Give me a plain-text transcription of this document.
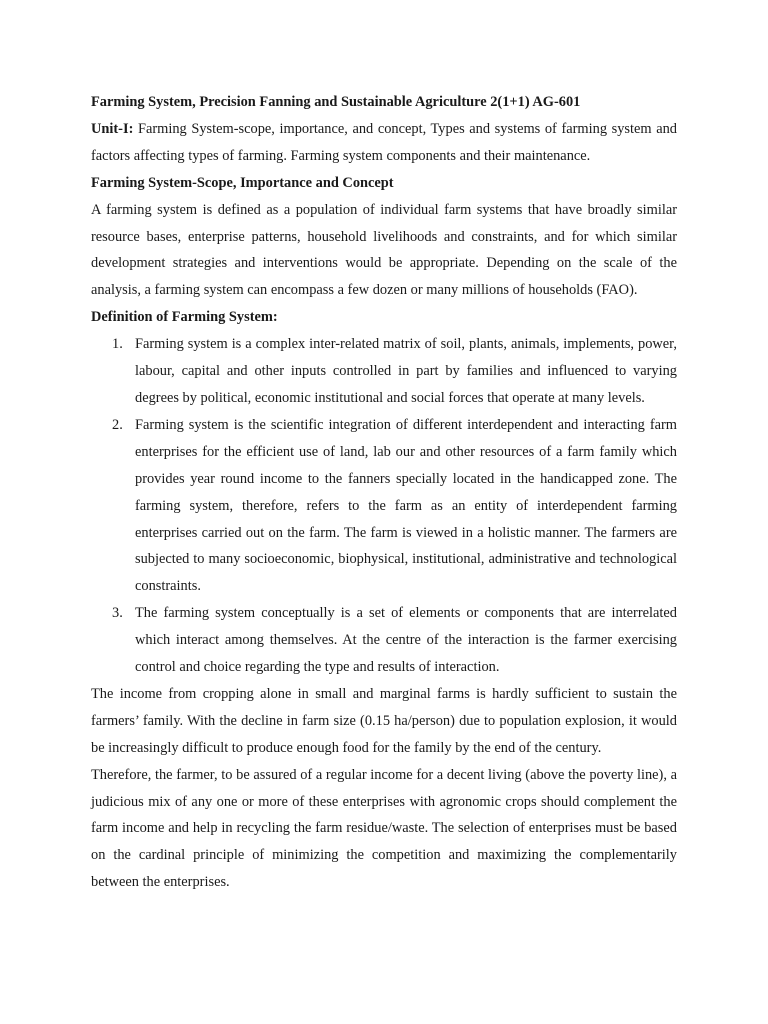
Farming System, Precision Fanning and Sustainable Agriculture 2(1+1) AG-601

Unit-I: Farming System-scope, importance, and concept, Types and systems of farming system and factors affecting types of farming. Farming system components and their maintenance.

Farming System-Scope, Importance and Concept

A farming system is defined as a population of individual farm systems that have broadly similar resource bases, enterprise patterns, household livelihoods and constraints, and for which similar development strategies and interventions would be appropriate. Depending on the scale of the analysis, a farming system can encompass a few dozen or many millions of households (FAO).

Definition of Farming System:

1. Farming system is a complex inter-related matrix of soil, plants, animals, implements, power, labour, capital and other inputs controlled in part by families and influenced to varying degrees by political, economic institutional and social forces that operate at many levels.
2. Farming system is the scientific integration of different interdependent and interacting farm enterprises for the efficient use of land, lab our and other resources of a farm family which provides year round income to the fanners specially located in the handicapped zone. The farming system, therefore, refers to the farm as an entity of interdependent farming enterprises carried out on the farm. The farm is viewed in a holistic manner. The farmers are subjected to many socioeconomic, biophysical, institutional, administrative and technological constraints.
3. The farming system conceptually is a set of elements or components that are interrelated which interact among themselves. At the centre of the interaction is the farmer exercising control and choice regarding the type and results of interaction.

The income from cropping alone in small and marginal farms is hardly sufficient to sustain the farmers’ family. With the decline in farm size (0.15 ha/person) due to population explosion, it would be increasingly difficult to produce enough food for the family by the end of the century.

Therefore, the farmer, to be assured of a regular income for a decent living (above the poverty line), a judicious mix of any one or more of these enterprises with agronomic crops should complement the farm income and help in recycling the farm residue/waste. The selection of enterprises must be based on the cardinal principle of minimizing the competition and maximizing the complementarily between the enterprises.
